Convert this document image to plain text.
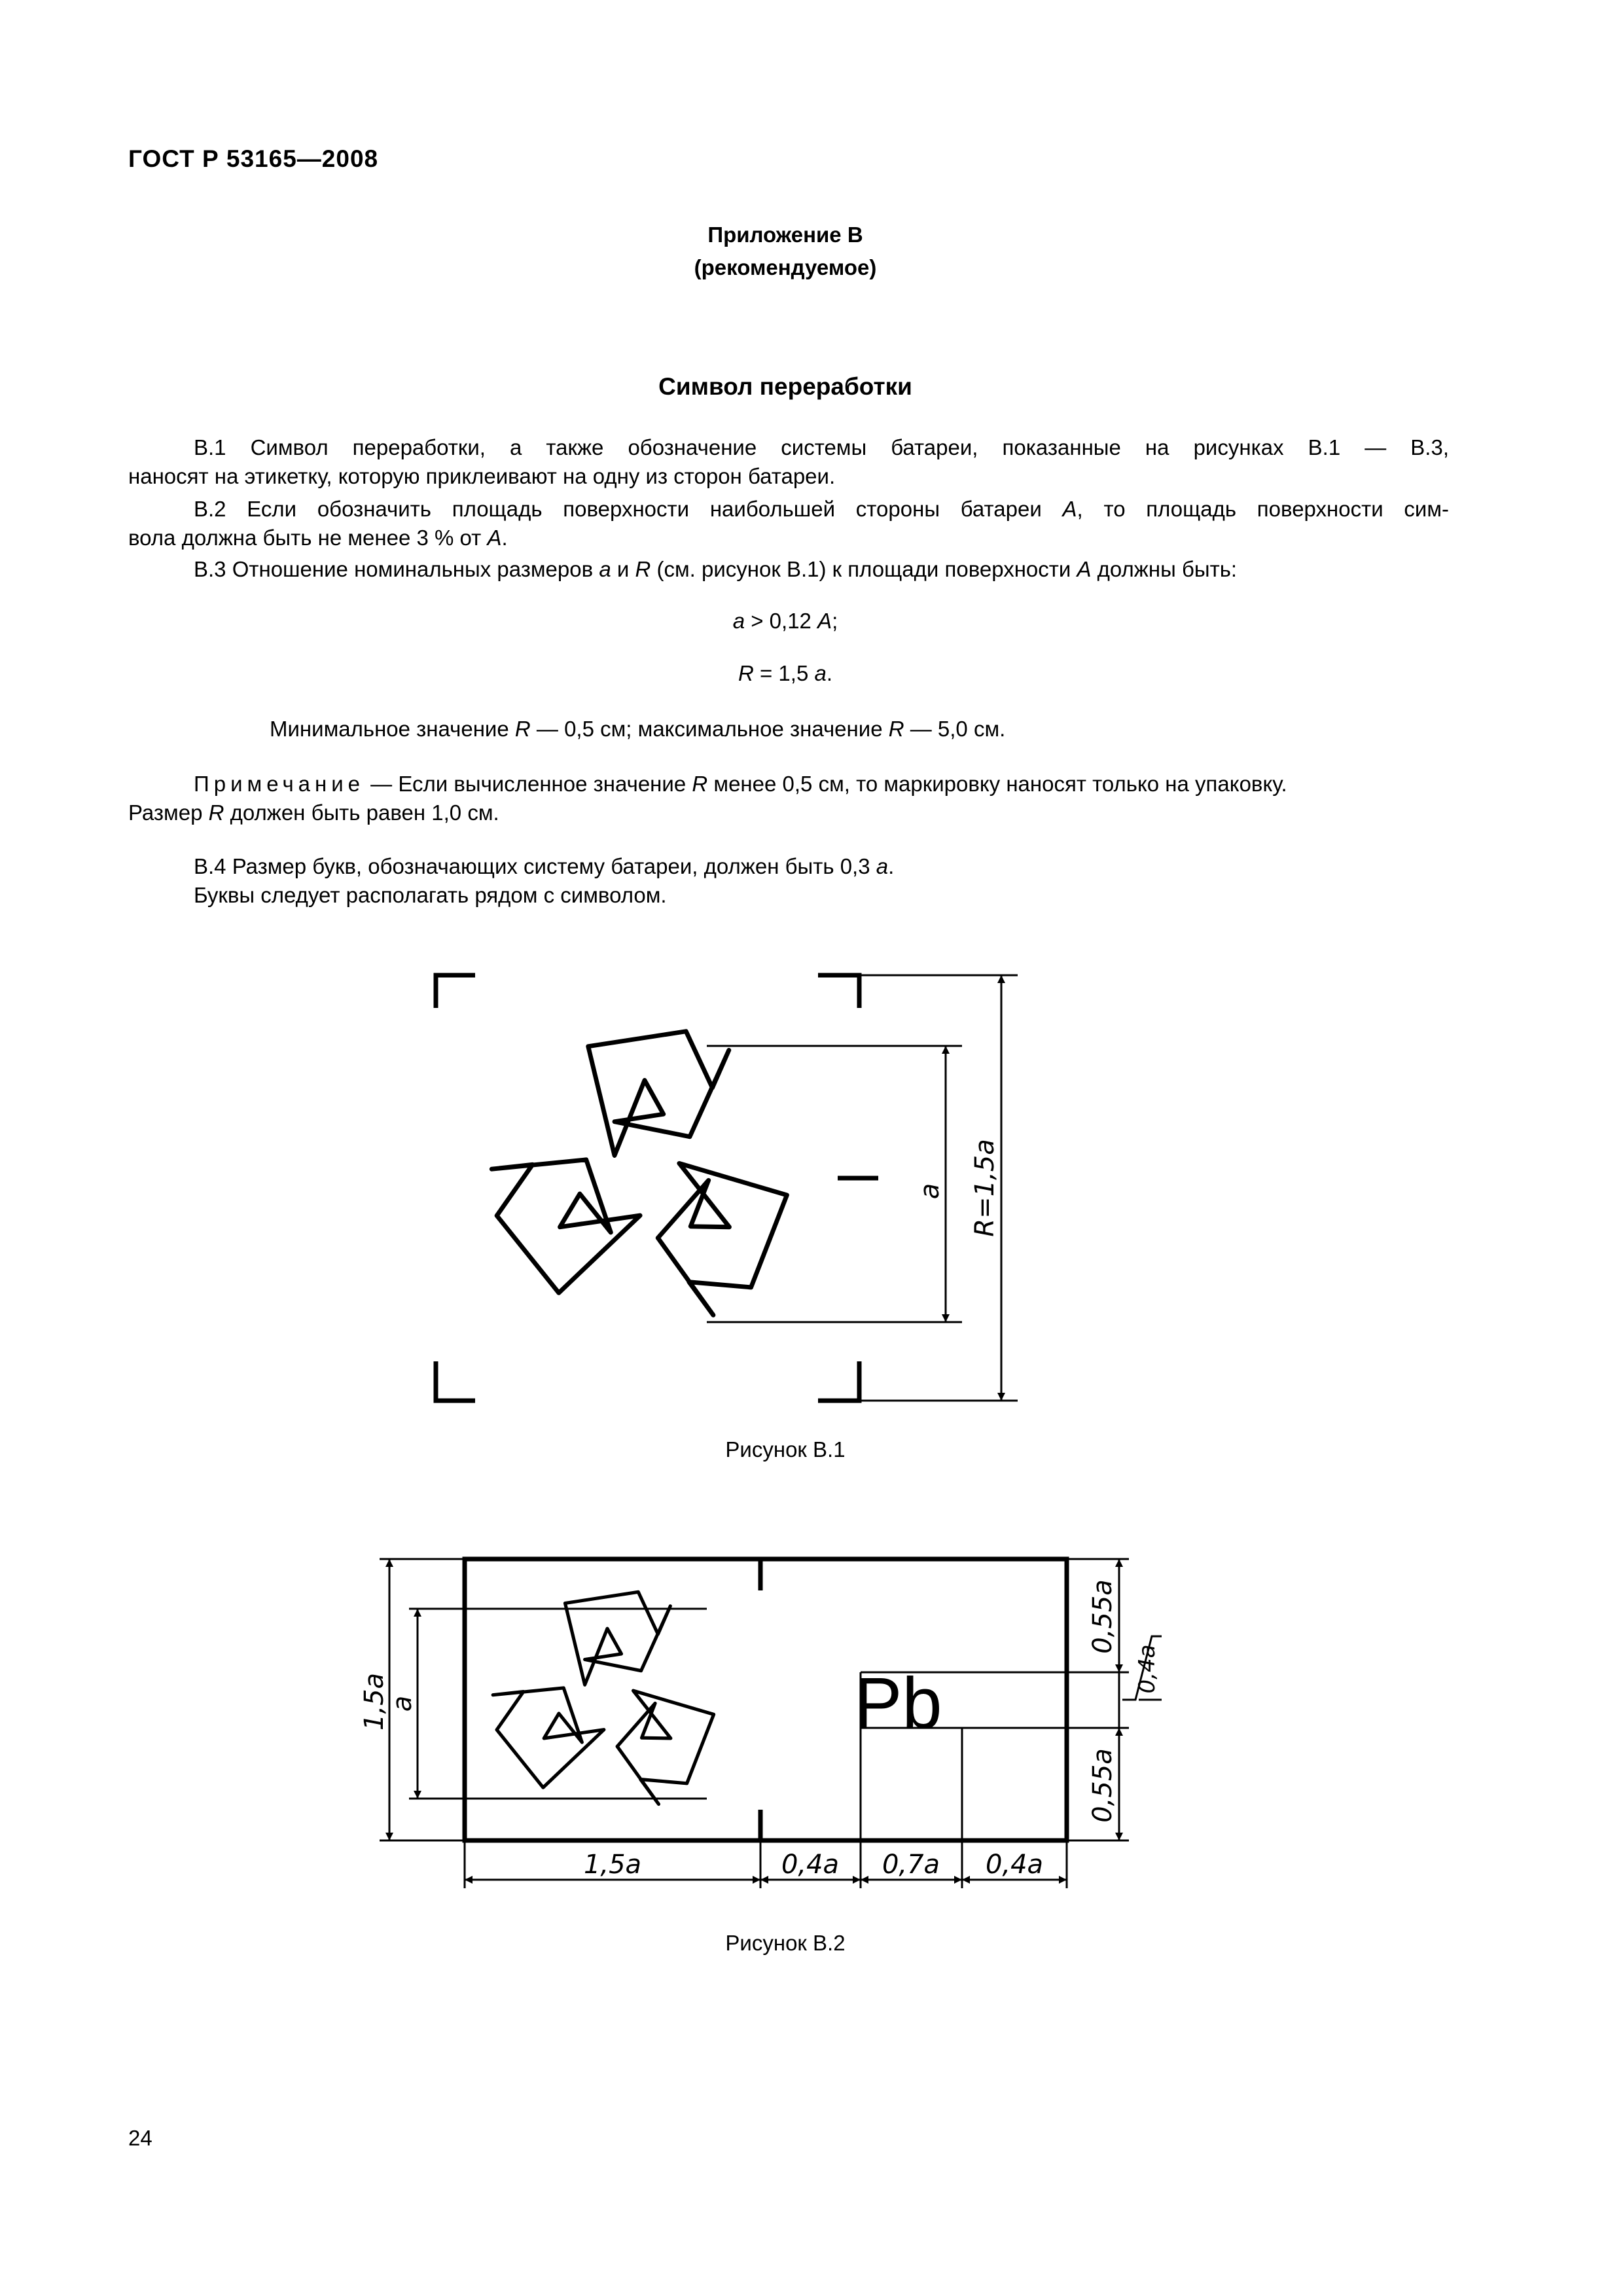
ГОСТ Р 53165—2008
Приложение В
(рекомендуемое)
Символ переработки
В.1 Символ переработки, а также обозначение системы батареи, показанные на рисунках В.1 — В.3,
наносят на этикетку, которую приклеивают на одну из сторон батареи.
В.2 Если обозначить площадь поверхности наибольшей стороны батареи А, то площадь поверхности сим-
вола должна быть не менее 3 % от А.
В.3 Отношение номинальных размеров a и R (см. рисунок В.1) к площади поверхности А должны быть:
a > 0,12 A;
R = 1,5 a.
Минимальное значение R — 0,5 см; максимальное значение R — 5,0 см.
Примечание — Если вычисленное значение R менее 0,5 см, то маркировку наносят только на упаковку.
Размер R должен быть равен 1,0 см.
В.4 Размер букв, обозначающих систему батареи, должен быть 0,3 a.
Буквы следует располагать рядом с символом.
a R=1,5a
Pb
1,5a
a
0,55a
0,55a
0,4a
1,5a	0,4a 0,7a 0,4a
Рисунок В.1
Рисунок В.2
24
